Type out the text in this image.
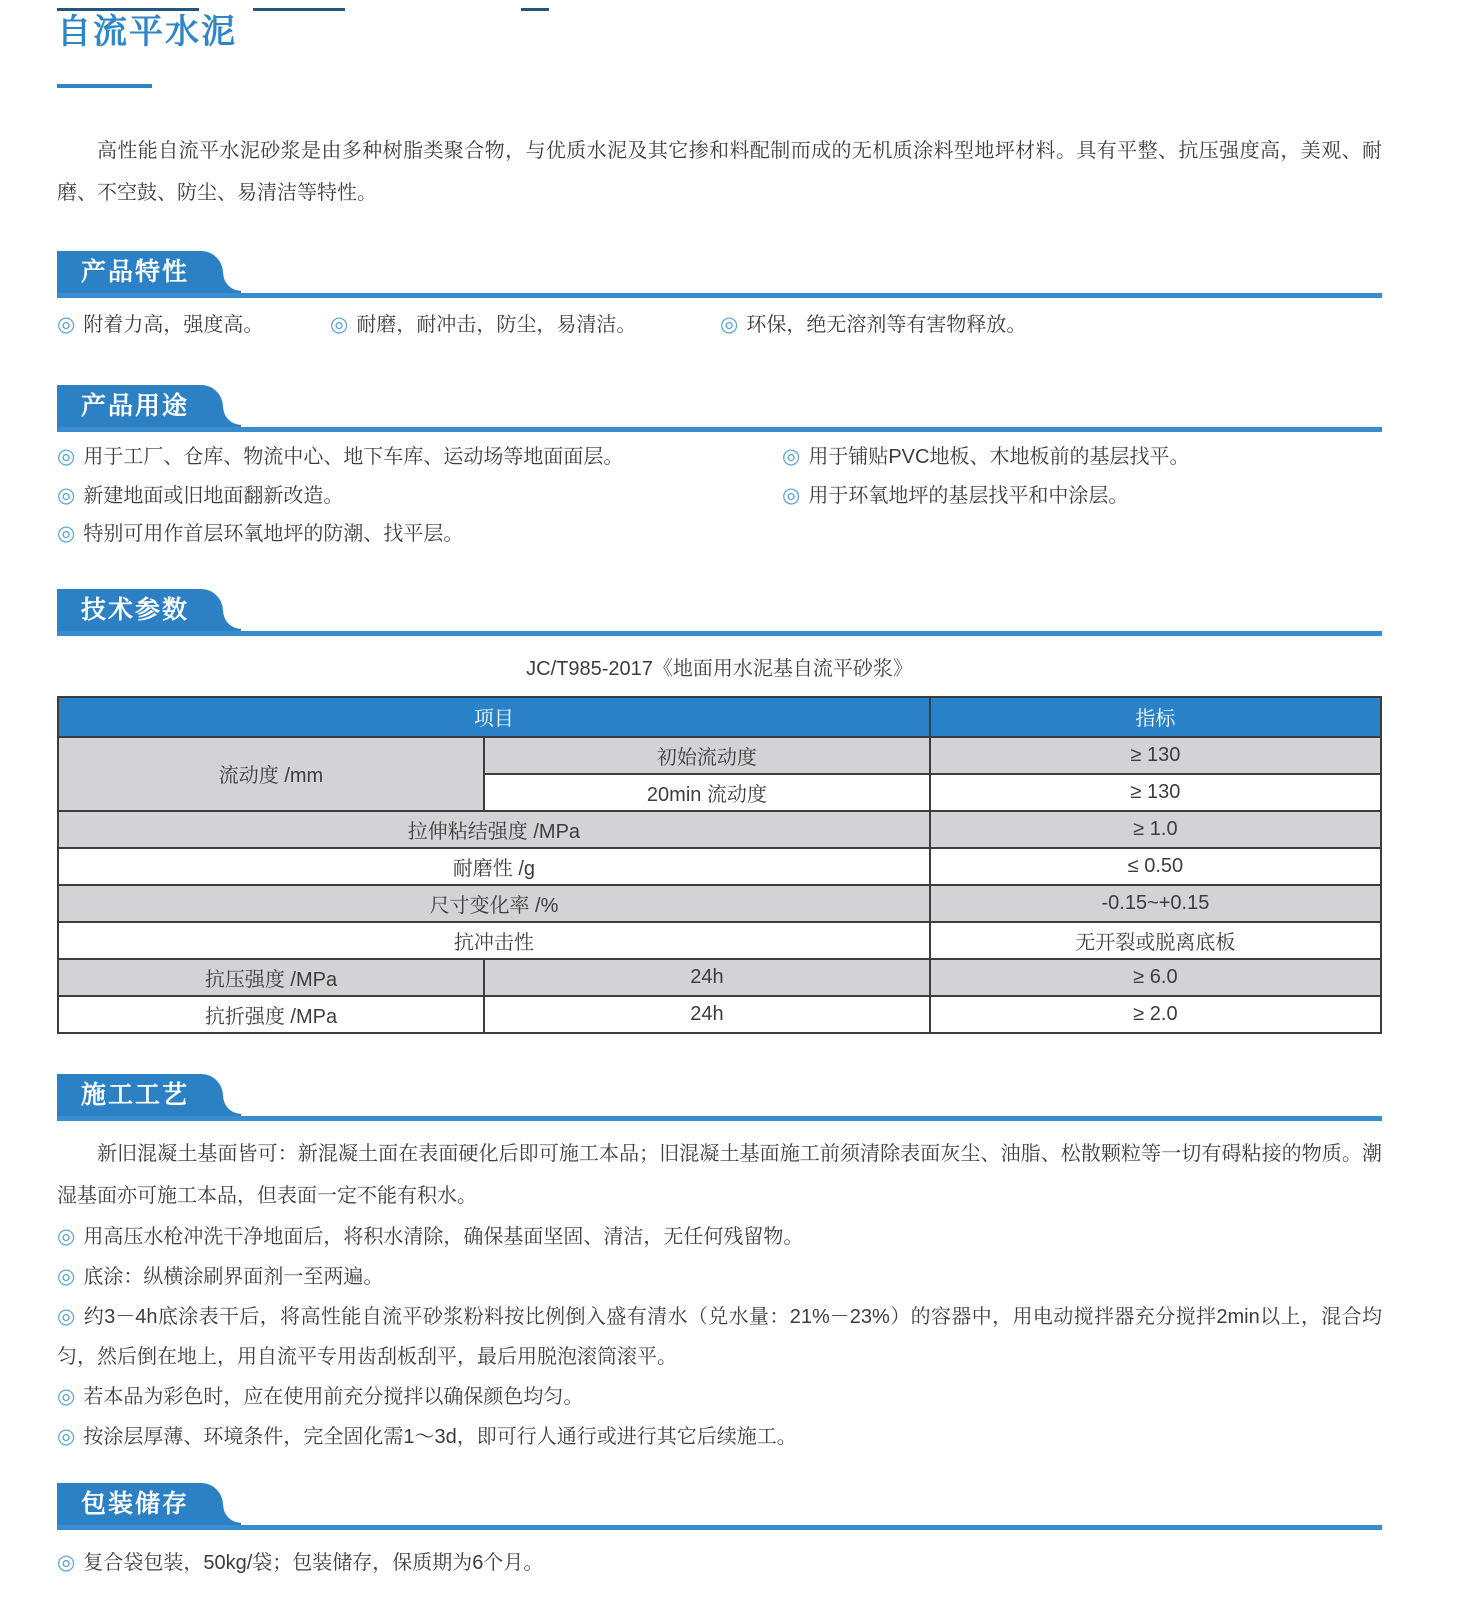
自流平水泥

高性能自流平水泥砂浆是由多种树脂类聚合物，与优质水泥及其它掺和料配制而成的无机质涂料型地坪材料。具有平整、抗压强度高，美观、耐磨、不空鼓、防尘、易清洁等特性。

产品特性
◎ 附着力高，强度高。	◎ 耐磨，耐冲击，防尘，易清洁。	◎ 环保，绝无溶剂等有害物释放。
产品用途
◎ 用于工厂、仓库、物流中心、地下车库、运动场等地面面层。
◎ 新建地面或旧地面翻新改造。
◎ 特别可用作首层环氧地坪的防潮、找平层。
◎ 用于铺贴PVC地板、木地板前的基层找平。
◎ 用于环氧地坪的基层找平和中涂层。
技术参数
JC/T985-2017《地面用水泥基自流平砂浆》
项目		指标
流动度 /mm	初始流动度	≥ 130
	20min 流动度	≥ 130
拉伸粘结强度 /MPa		≥ 1.0
耐磨性 /g		≤ 0.50
尺寸变化率 /%		-0.15~+0.15
抗冲击性		无开裂或脱离底板
抗压强度 /MPa	24h	≥ 6.0
抗折强度 /MPa	24h	≥ 2.0
施工工艺

新旧混凝土基面皆可：新混凝土面在表面硬化后即可施工本品；旧混凝土基面施工前须清除表面灰尘、油脂、松散颗粒等一切有碍粘接的物质。潮湿基面亦可施工本品，但表面一定不能有积水。

◎ 用高压水枪冲洗干净地面后，将积水清除，确保基面坚固、清洁，无任何残留物。
◎ 底涂：纵横涂刷界面剂一至两遍。
◎ 约3－4h底涂表干后，将高性能自流平砂浆粉料按比例倒入盛有清水（兑水量：21%－23%）的容器中，用电动搅拌器充分搅拌2min以上，混合均匀，然后倒在地上，用自流平专用齿刮板刮平，最后用脱泡滚筒滚平。
◎ 若本品为彩色时，应在使用前充分搅拌以确保颜色均匀。
◎ 按涂层厚薄、环境条件，完全固化需1～3d，即可行人通行或进行其它后续施工。
包装储存
◎ 复合袋包装，50kg/袋；包装储存，保质期为6个月。
